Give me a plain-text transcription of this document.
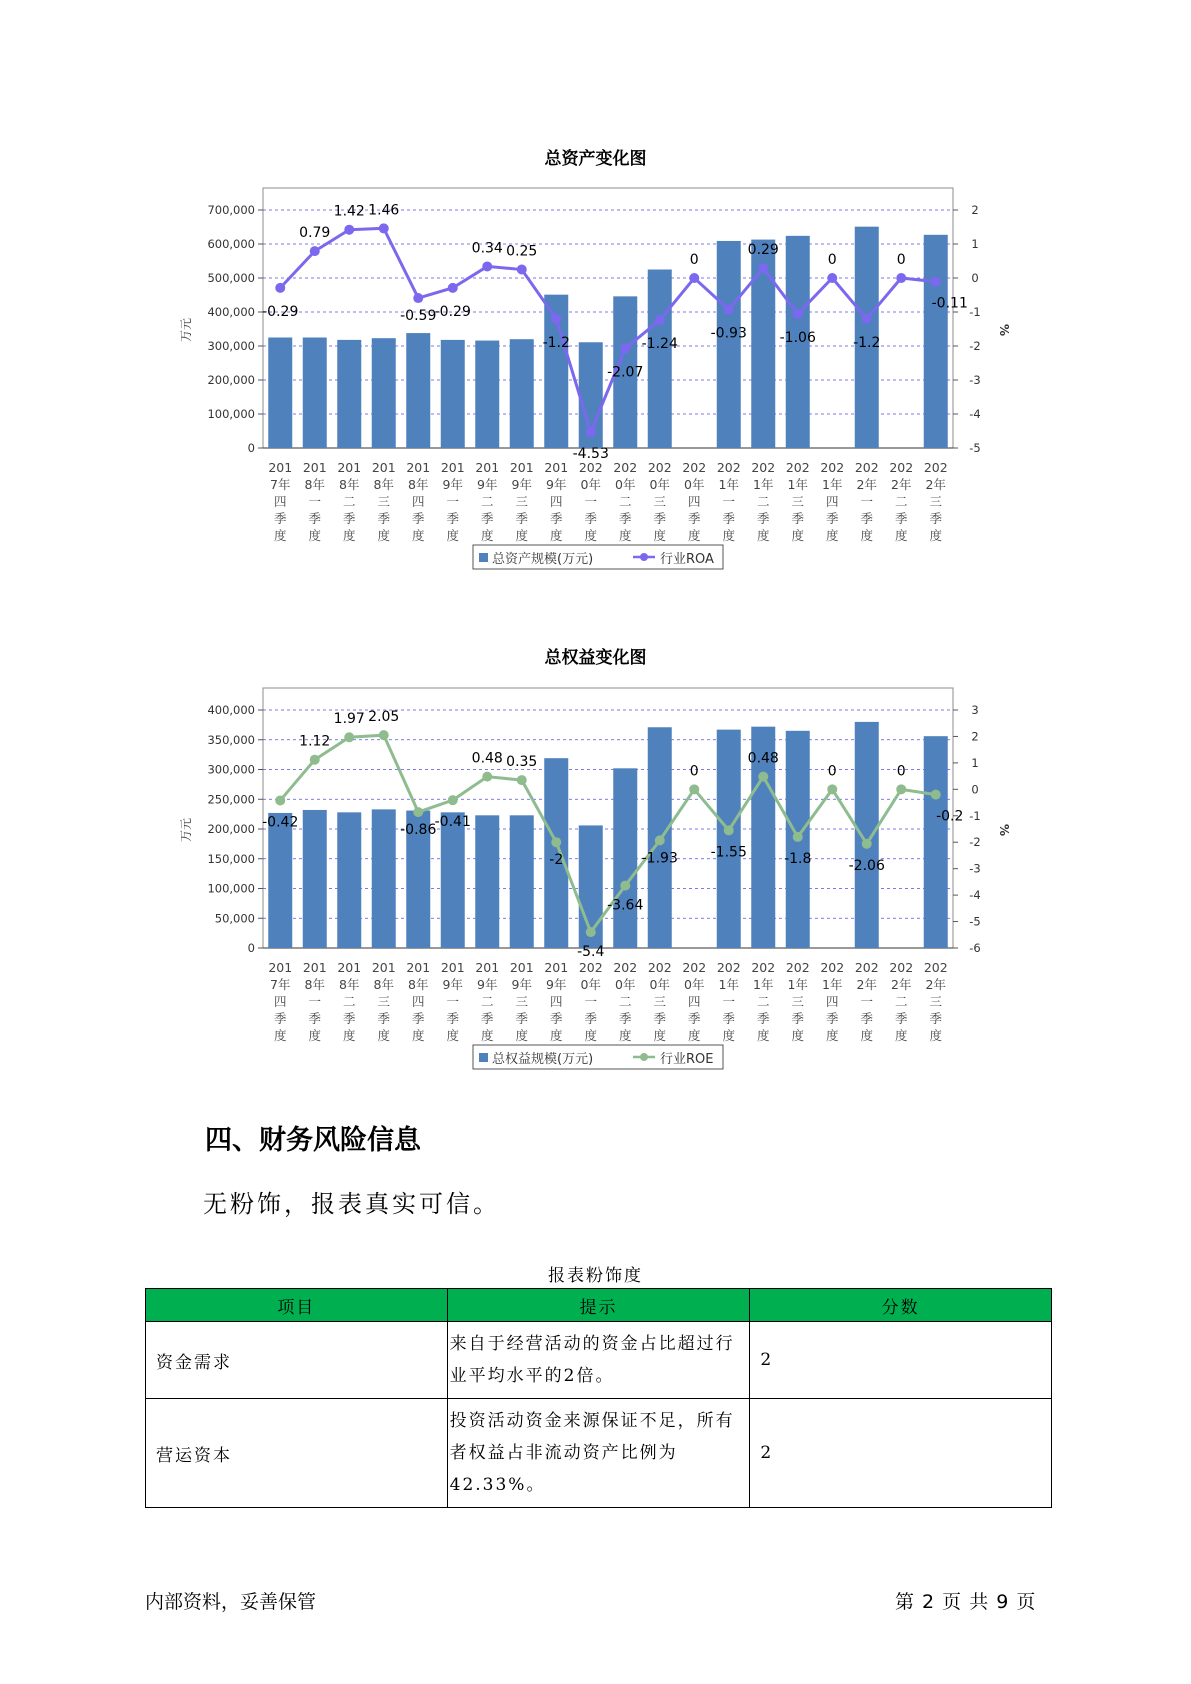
总资产变化图
0
100,000
200,000
300,000
400,000
500,000
600,000
700,000
-5
-4
-3
-2
-1
0
1
2
万元	%
-0.29
0.79
1.42 1.46
-0.59
-0.29
0.34 0.25
-1.2
-4.53
-2.07
-1.24
0
-0.93
0.29
-1.06
0
-1.2
0
-0.11
201
7年
四
季
度
201
8年
一
季
度
201
8年
二
季
度
201
8年
三
季
度
201
8年
四
季
度
201
9年
一
季
度
201
9年
二
季
度
201
9年
三
季
度
201
9年
四
季
度
202
0年
一
季
度
202
0年
二
季
度
202
0年
三
季
度
202
0年
四
季
度
202
1年
一
季
度
202
1年
二
季
度
202
1年
三
季
度
202
1年
四
季
度
202
2年
一
季
度
202
2年
二
季
度
202
2年
三
季
度
总资产规模(万元)	行业ROA
总权益变化图
0
50,000
100,000
150,000
200,000
250,000
300,000
350,000
400,000
-6
-5
-4
-3
-2
-1
0
1
2
3
万元	%
-0.42
1.12
1.97 2.05
-0.86
-0.41
0.48 0.35
-2
-5.4
-3.64
-1.93
0
-1.55
0.48
-1.8
0
-2.06
0
-0.2
201
7年
四
季
度
201
8年
一
季
度
201
8年
二
季
度
201
8年
三
季
度
201
8年
四
季
度
201
9年
一
季
度
201
9年
二
季
度
201
9年
三
季
度
201
9年
四
季
度
202
0年
一
季
度
202
0年
二
季
度
202
0年
三
季
度
202
0年
四
季
度
202
1年
一
季
度
202
1年
二
季
度
202
1年
三
季
度
202
1年
四
季
度
202
2年
一
季
度
202
2年
二
季
度
202
2年
三
季
度
总权益规模(万元)	行业ROE
四、财务风险信息
无粉饰，报表真实可信。
报表粉饰度
项目	提示	分数
资金需求	来自于经营活动的资金占比超过行业平均水平的2倍。	2
营运资本	投资活动资金来源保证不足，所有者权益占非流动资产比例为42.33%。	2
内部资料，妥善保管	第 2 页 共 9 页
